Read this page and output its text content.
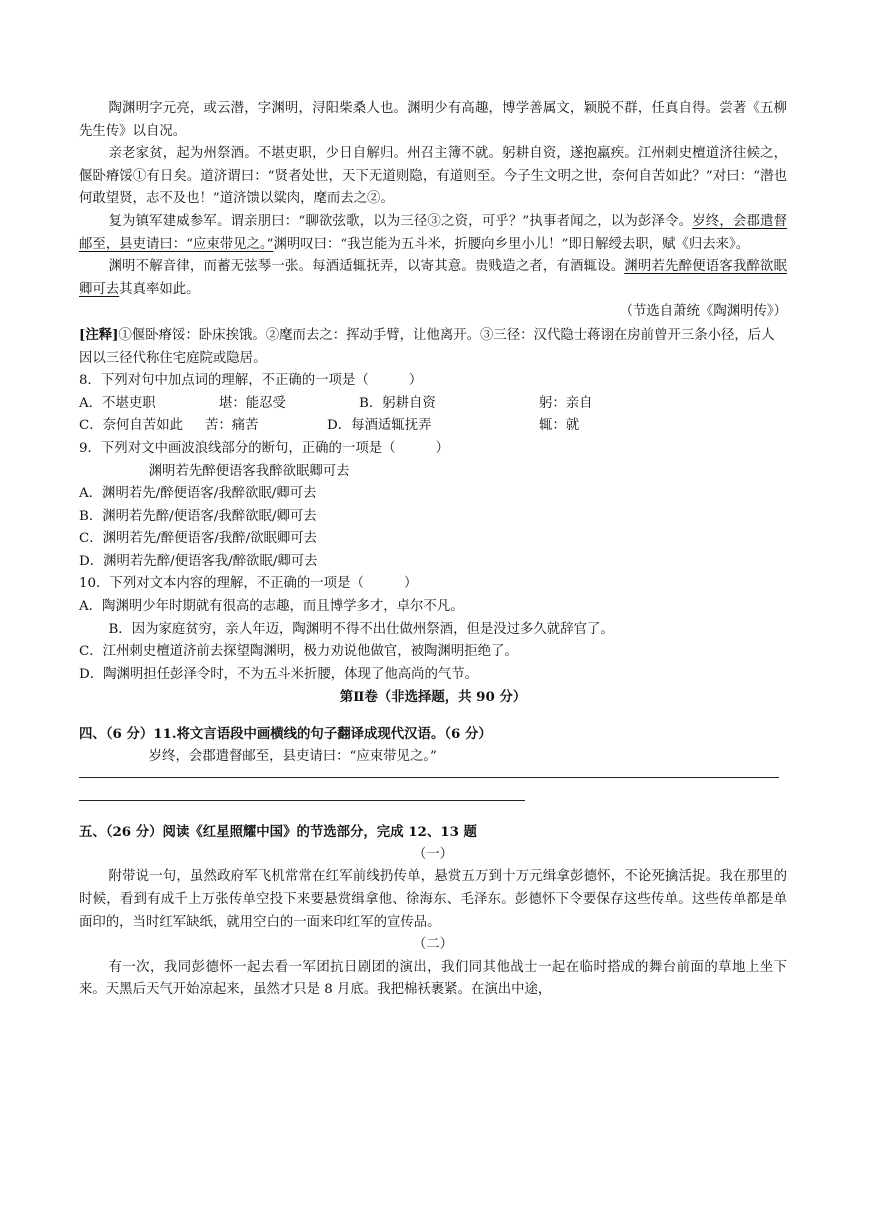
陶渊明字元亮，或云潜，字渊明，浔阳柴桑人也。渊明少有高趣，博学善属文，颖脱不群，任真自得。尝著《五柳先生传》以自况。

亲老家贫，起为州祭酒。不堪吏职，少日自解归。州召主簿不就。躬耕自资，遂抱羸疾。江州刺史檀道济往候之，偃卧瘠馁①有日矣。道济谓曰：“贤者处世，天下无道则隐，有道则至。今子生文明之世，奈何自苦如此？”对曰：“潜也何敢望贤，志不及也！”道济馈以粱肉，麾而去之②。

复为镇军建威参军。谓亲朋曰：“聊欲弦歌，以为三径③之资，可乎？”执事者闻之，以为彭泽令。岁终，会郡遣督邮至，县吏请曰：“应束带见之。”渊明叹曰：“我岂能为五斗米，折腰向乡里小儿！”即日解绶去职，赋《归去来》。

渊明不解音律，而蓄无弦琴一张。每酒适辄抚弄，以寄其意。贵贱造之者，有酒辄设。渊明若先醉便语客我醉欲眠卿可去其真率如此。

（节选自萧统《陶渊明传》）

[注释]①偃卧瘠馁：卧床挨饿。②麾而去之：挥动手臂，让他离开。③三径：汉代隐士蒋诩在房前曾开三条小径，后人因以三径代称住宅庭院或隐居。

8．下列对句中加点词的理解，不正确的一项是（　　　）

A．不堪吏职	堪：能忍受	B．躬耕自资	躬：亲自

C．奈何自苦如此 苦：痛苦	D．每酒适辄抚弄	辄：就

9．下列对文中画波浪线部分的断句，正确的一项是（　　　）

渊明若先醉便语客我醉欲眠卿可去

A．渊明若先/醉便语客/我醉欲眠/卿可去

B．渊明若先醉/便语客/我醉欲眠/卿可去

C．渊明若先/醉便语客/我醉/欲眠卿可去

D．渊明若先醉/便语客我/醉欲眠/卿可去

10．下列对文本内容的理解，不正确的一项是（　　　）

A．陶渊明少年时期就有很高的志趣，而且博学多才，卓尔不凡。

B．因为家庭贫穷，亲人年迈，陶渊明不得不出仕做州祭酒，但是没过多久就辞官了。

C．江州刺史檀道济前去探望陶渊明，极力劝说他做官，被陶渊明拒绝了。

D．陶渊明担任彭泽令时，不为五斗米折腰，体现了他高尚的气节。

第Ⅱ卷（非选择题，共 90 分）

四、（6 分）11.将文言语段中画横线的句子翻译成现代汉语。（6 分）

岁终，会郡遣督邮至，县吏请曰：“应束带见之。”

五、（26 分）阅读《红星照耀中国》的节选部分，完成 12、13 题

（一）

附带说一句，虽然政府军飞机常常在红军前线扔传单，悬赏五万到十万元缉拿彭德怀，不论死擒活捉。我在那里的时候，看到有成千上万张传单空投下来要悬赏缉拿他、徐海东、毛泽东。彭德怀下令要保存这些传单。这些传单都是单面印的，当时红军缺纸，就用空白的一面来印红军的宣传品。

（二）

有一次，我同彭德怀一起去看一军团抗日剧团的演出，我们同其他战士一起在临时搭成的舞台前面的草地上坐下来。天黑后天气开始凉起来，虽然才只是 8 月底。我把棉袄裹紧。在演出中途，
